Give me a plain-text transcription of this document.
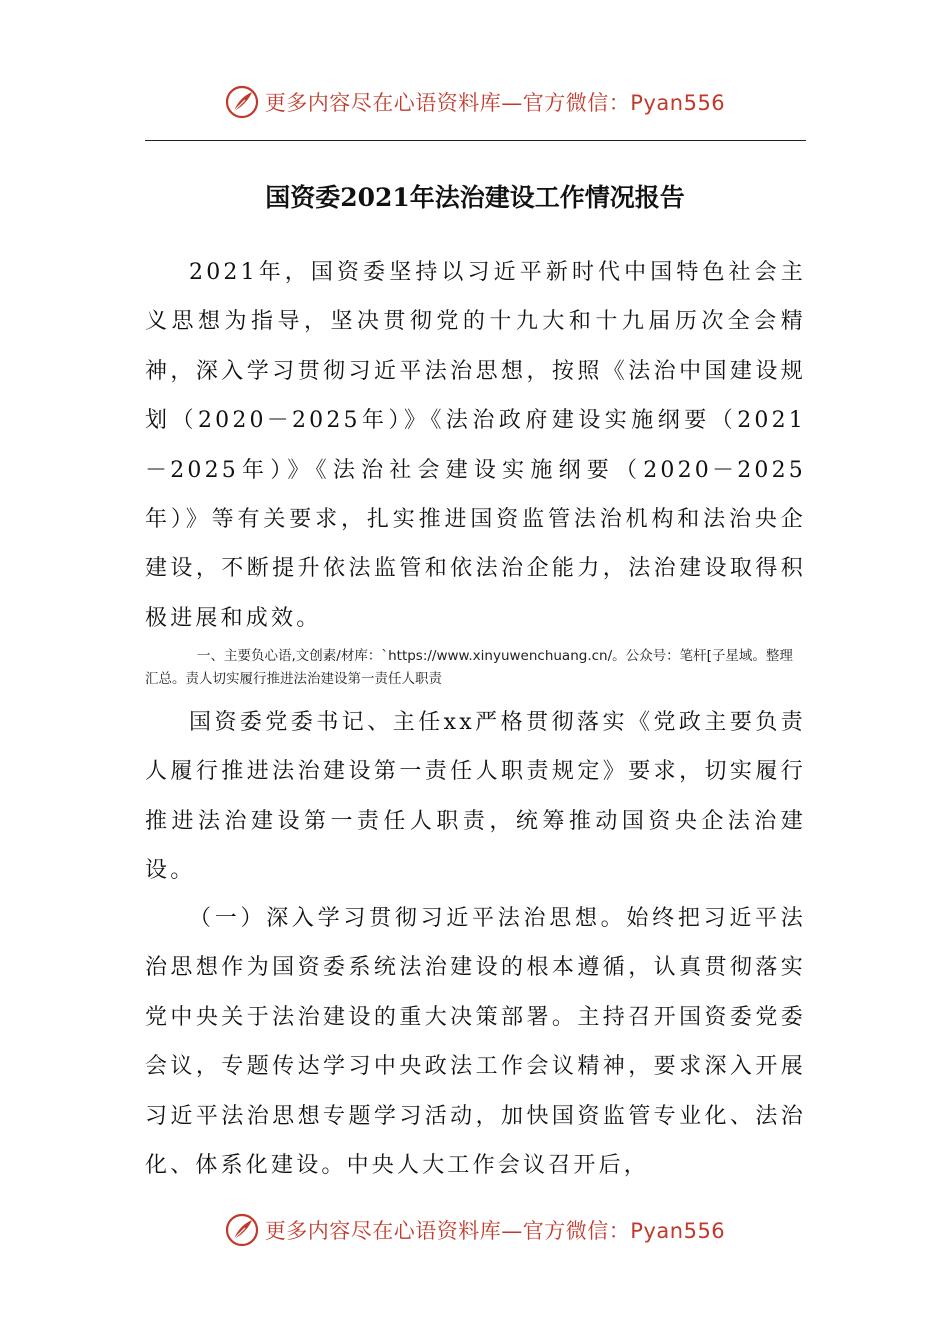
更多内容尽在心语资料库—官方微信：Pyan556
国资委2021年法治建设工作情况报告

2021年，国资委坚持以习近平新时代中国特色社会主义思想为指导，坚决贯彻党的十九大和十九届历次全会精神，深入学习贯彻习近平法治思想，按照《法治中国建设规划（2020－2025年）》《法治政府建设实施纲要（2021－2025年）》《法治社会建设实施纲要（2020－2025年）》等有关要求，扎实推进国资监管法治机构和法治央企建设，不断提升依法监管和依法治企能力，法治建设取得积极进展和成效。

一、主要负心语,文创素/材库：`https://www.xinyuwenchuang.cn/。公众号：笔杆[子星域。整理汇总。责人切实履行推进法治建设第一责任人职责

国资委党委书记、主任xx严格贯彻落实《党政主要负责人履行推进法治建设第一责任人职责规定》要求，切实履行推进法治建设第一责任人职责，统筹推动国资央企法治建设。

（一）深入学习贯彻习近平法治思想。始终把习近平法治思想作为国资委系统法治建设的根本遵循，认真贯彻落实党中央关于法治建设的重大决策部署。主持召开国资委党委会议，专题传达学习中央政法工作会议精神，要求深入开展习近平法治思想专题学习活动，加快国资监管专业化、法治化、体系化建设。中央人大工作会议召开后，

更多内容尽在心语资料库—官方微信：Pyan556
